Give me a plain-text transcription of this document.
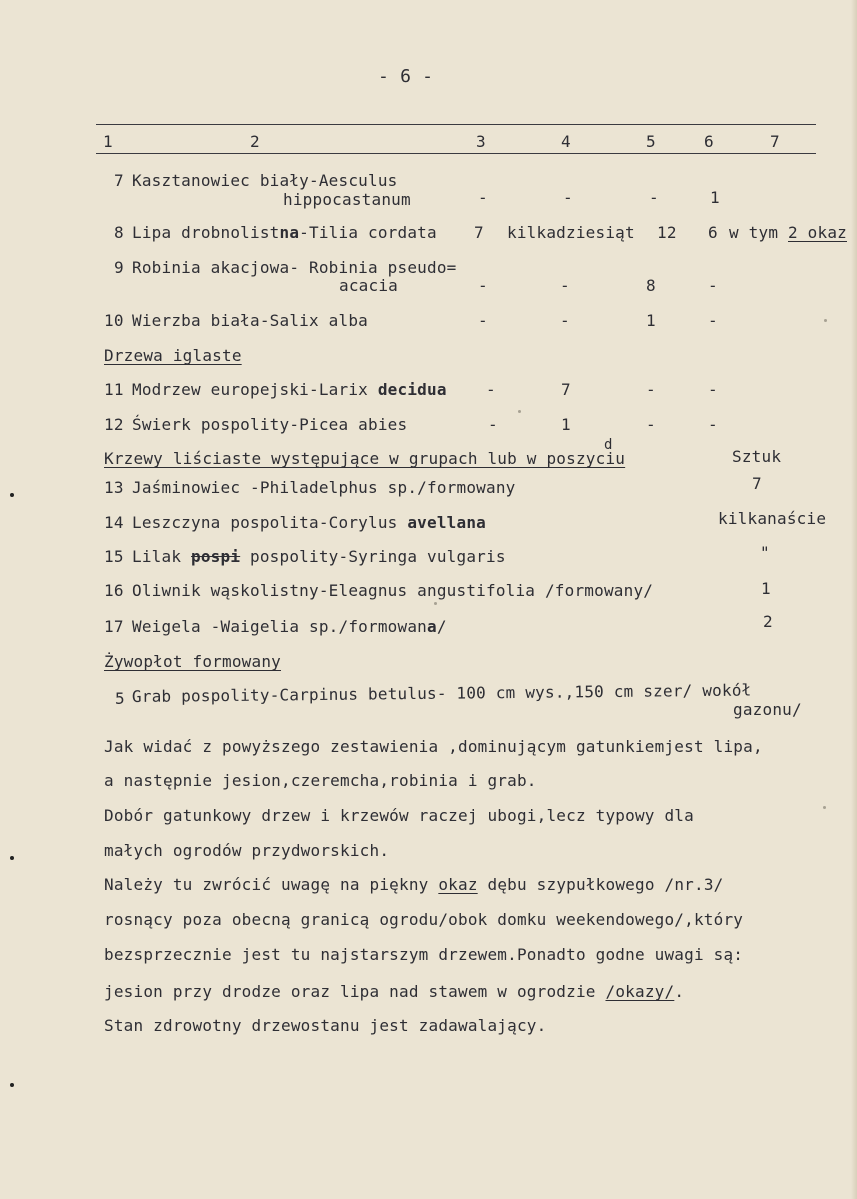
- 6 -
1	2	3	4	5	6	7
7 Kasztanowiec biały-Aesculus
hippocastanum	-	-	-	1
8 Lipa drobnolistna-Tilia cordata 7 kilkadziesiąt 12 6 w tym 2 okaz
9 Robinia akacjowa- Robinia pseudo=
acacia	-	-	8	-
10 Wierzba biała-Salix alba	-	-	1	-
Drzewa iglaste
11 Modrzew europejski-Larix decidua -	7	-	-
12 Świerk pospolity-Picea abies	-	1	-	-
d
Krzewy liściaste występujące w grupach lub w poszyciu	Sztuk
13 Jaśminowiec -Philadelphus sp./formowany	7
14 Leszczyna pospolita-Corylus avellana	kilkanaście
15 Lilak pospi pospolity-Syringa vulgaris	"
16 Oliwnik wąskolistny-Eleagnus angustifolia /formowany/	1
17 Weigela -Waigelia sp./formowana/	2
Żywopłot formowany
5 Grab pospolity-Carpinus betulus- 100 cm wys.,150 cm szer/ wokół
gazonu/
Jak widać z powyższego zestawienia ,dominującym gatunkiemjest lipa,
a następnie jesion,czeremcha,robinia i grab.
Dobór gatunkowy drzew i krzewów raczej ubogi,lecz typowy dla
małych ogrodów przydworskich.
Należy tu zwrócić uwagę na piękny okaz dębu szypułkowego /nr.3/
rosnący poza obecną granicą ogrodu/obok domku weekendowego/,który
bezsprzecznie jest tu najstarszym drzewem.Ponadto godne uwagi są:
jesion przy drodze oraz lipa nad stawem w ogrodzie /okazy/.
Stan zdrowotny drzewostanu jest zadawalający.
